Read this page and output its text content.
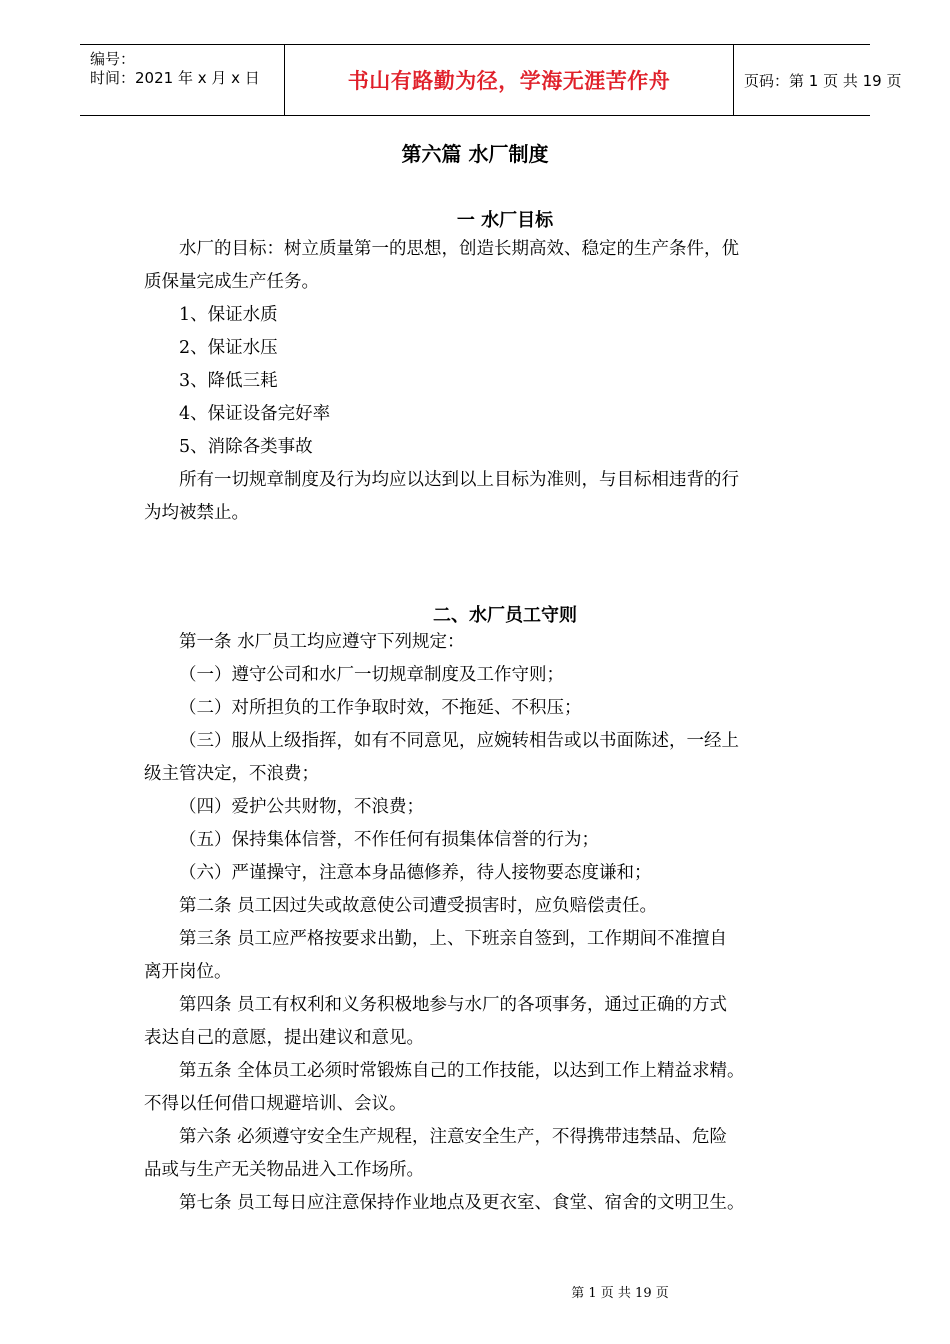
编号：
时间：2021 年 x 月 x 日	书山有路勤为径，学海无涯苦作舟	页码：第 1 页 共 19 页
第六篇 水厂制度
一 水厂目标
水厂的目标：树立质量第一的思想，创造长期高效、稳定的生产条件，优
质保量完成生产任务。
1、保证水质
2、保证水压
3、降低三耗
4、保证设备完好率
5、消除各类事故
所有一切规章制度及行为均应以达到以上目标为准则，与目标相违背的行
为均被禁止。
二、水厂员工守则
第一条 水厂员工均应遵守下列规定：
（一）遵守公司和水厂一切规章制度及工作守则；
（二）对所担负的工作争取时效，不拖延、不积压；
（三）服从上级指挥，如有不同意见，应婉转相告或以书面陈述，一经上
级主管决定，不浪费；
（四）爱护公共财物，不浪费；
（五）保持集体信誉，不作任何有损集体信誉的行为；
（六）严谨操守，注意本身品德修养，待人接物要态度谦和；
第二条 员工因过失或故意使公司遭受损害时，应负赔偿责任。
第三条 员工应严格按要求出勤，上、下班亲自签到，工作期间不准擅自
离开岗位。
第四条 员工有权利和义务积极地参与水厂的各项事务，通过正确的方式
表达自己的意愿，提出建议和意见。
第五条 全体员工必须时常锻炼自己的工作技能，以达到工作上精益求精。
不得以任何借口规避培训、会议。
第六条 必须遵守安全生产规程，注意安全生产，不得携带违禁品、危险
品或与生产无关物品进入工作场所。
第七条 员工每日应注意保持作业地点及更衣室、食堂、宿舍的文明卫生。
第 1 页 共 19 页
